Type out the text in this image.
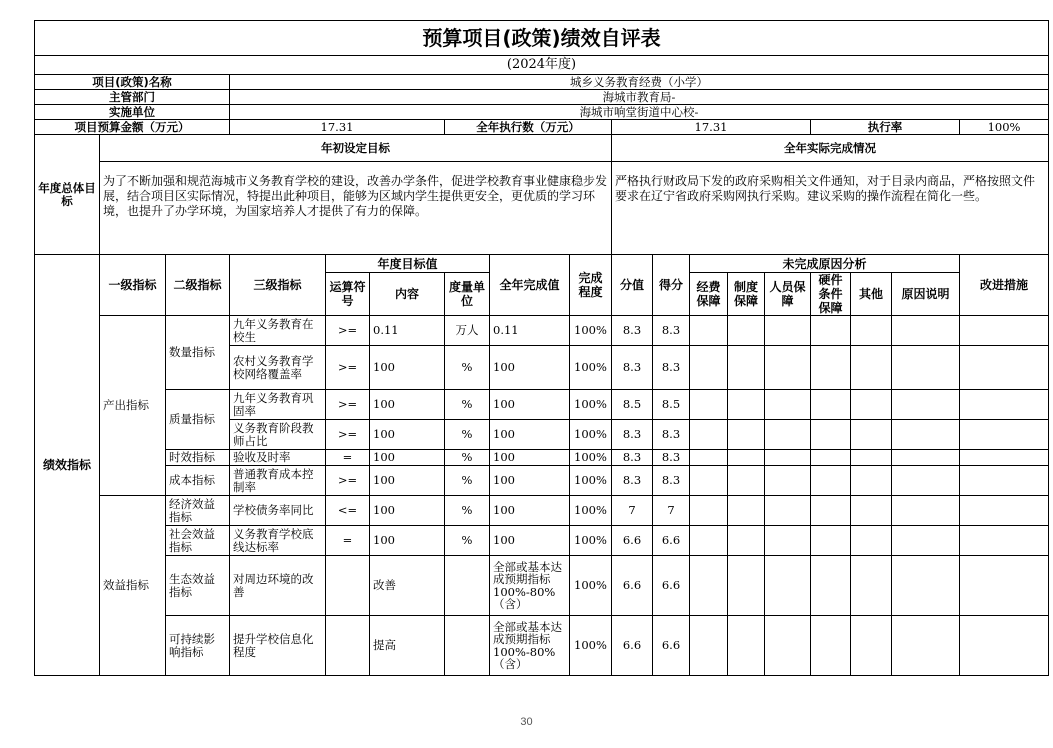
预算项目(政策)绩效自评表																	
(2024年度)																	
项目(政策)名称			城乡义务教育经费（小学）														
主管部门			海城市教育局-														
实施单位			海城市响堂街道中心校-														
项目预算金额（万元）			17.31			全年执行数（万元）			17.31					执行率			100%
年度总体目标	年初设定目标								全年实际完成情况								
	为了不断加强和规范海城市义务教育学校的建设，改善办学条件，促进学校教育事业健康稳步发展，结合项目区实际情况，特提出此种项目，能够为区域内学生提供更安全，更优质的学习环境，也提升了办学环境，为国家培养人才提供了有力的保障。								严格执行财政局下发的政府采购相关文件通知，对于目录内商品，严格按照文件要求在辽宁省政府采购网执行采购。建议采购的操作流程在简化一些。								
绩效指标	一级指标	二级指标	三级指标	年度目标值			全年完成值	完成程度	分值	得分	未完成原因分析						改进措施
				运算符号	内容	度量单位					经费保障	制度保障	人员保障	硬件条件保障	其他	原因说明	
	产出指标	数量指标	九年义务教育在校生	>=	0.11	万人	0.11	100%	8.3	8.3							
			农村义务教育学校网络覆盖率	>=	100	%	100	100%	8.3	8.3							
		质量指标	九年义务教育巩固率	>=	100	%	100	100%	8.5	8.5							
			义务教育阶段教师占比	>=	100	%	100	100%	8.3	8.3							
		时效指标	验收及时率	=	100	%	100	100%	8.3	8.3							
		成本指标	普通教育成本控制率	>=	100	%	100	100%	8.3	8.3							
	效益指标	经济效益指标	学校债务率同比	<=	100	%	100	100%	7	7							
		社会效益指标	义务教育学校底线达标率	=	100	%	100	100%	6.6	6.6							
		生态效益指标	对周边环境的改善		改善		全部或基本达成预期指标100%-80%（含）	100%	6.6	6.6							
		可持续影响指标	提升学校信息化程度		提高		全部或基本达成预期指标100%-80%（含）	100%	6.6	6.6							
30
